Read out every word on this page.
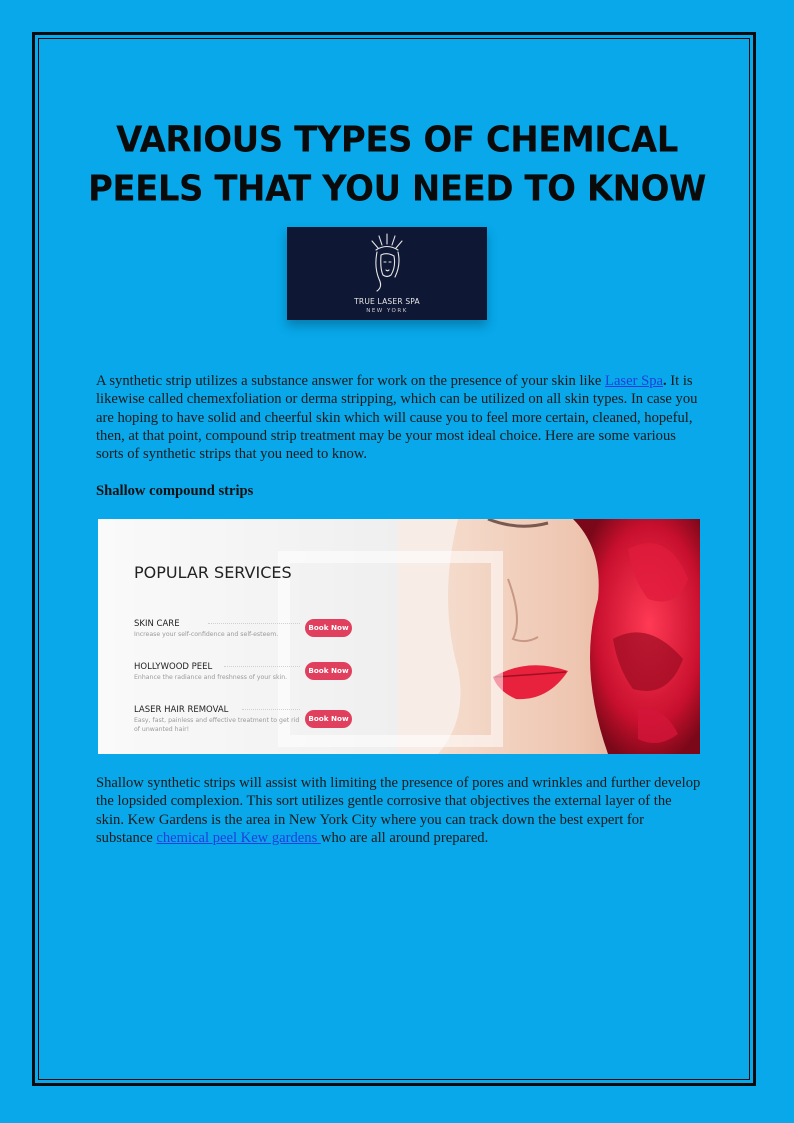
VARIOUS TYPES OF CHEMICAL
PEELS THAT YOU NEED TO KNOW
TRUE LASER SPA
NEW YORK
A synthetic strip utilizes a substance answer for work on the presence of your skin like Laser Spa. It is likewise called chemexfoliation or derma stripping, which can be utilized on all skin types. In case you are hoping to have solid and cheerful skin which will cause you to feel more certain, cleaned, hopeful, then, at that point, compound strip treatment may be your most ideal choice. Here are some various sorts of synthetic strips that you need to know.
Shallow compound strips
POPULAR SERVICES
SKIN CARE
Increase your self-confidence and self-esteem.
Book Now
HOLLYWOOD PEEL
Enhance the radiance and freshness of your skin.
Book Now
LASER HAIR REMOVAL
Easy, fast, painless and effective treatment to get rid of unwanted hair!
Book Now
Shallow synthetic strips will assist with limiting the presence of pores and wrinkles and further develop the lopsided complexion. This sort utilizes gentle corrosive that objectives the external layer of the skin. Kew Gardens is the area in New York City where you can track down the best expert for substance chemical peel Kew gardens who are all around prepared.
